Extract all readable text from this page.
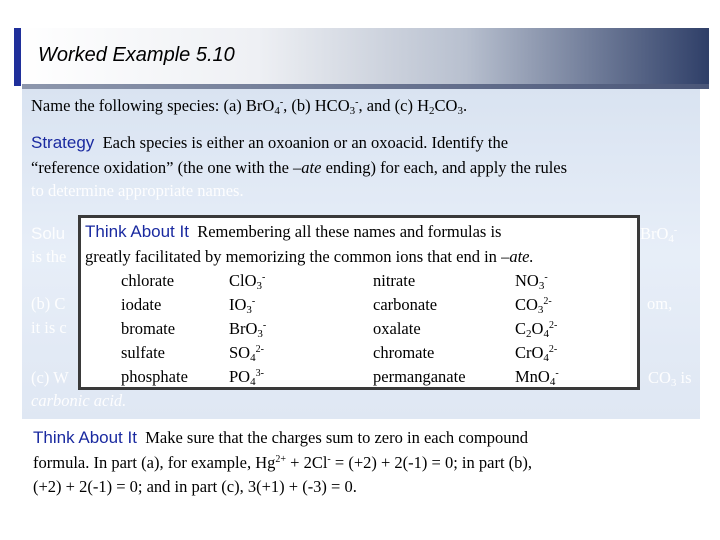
Worked Example 5.10
Name the following species: (a) BrO$_4$-, (b) $HCO_3^-$, and (c) $H_2CO_3$.
Strategy Each species is either an oxoanion or an oxoacid. Identify the
“reference oxidation” (the one with the –ate ending) for each, and apply the rules
to determine appropriate names.
Solu	BrO$_4$-
is the
(b) C	om,
it is c
(c) W	$CO_3$ is
carbonic acid.
Think About It Remembering all these names and formulas is
greatly facilitated by memorizing the common ions that end in –ate.
chlorate	ClO$_3$-	nitrate	$NO_3^-$
iodate	$IO_3^-$	carbonate	$CO_3^{2-}$
bromate	BrO$_3$-	oxalate	$C_2O_4^{2-}$
sulfate	$SO_4^{2-}$	chromate	CrO$_4^{2-}$
phosphate $PO_4^{3-}$	permanganate	MnO$_4$-
Think About It Make sure that the charges sum to zero in each compound
formula. In part (a), for example, $Hg^{2+} + 2Cl^- = (+2) + 2(-1) = 0$; in part (b),
(+2) + 2(-1) = 0; and in part (c), 3(+1) + (-3) = 0.
